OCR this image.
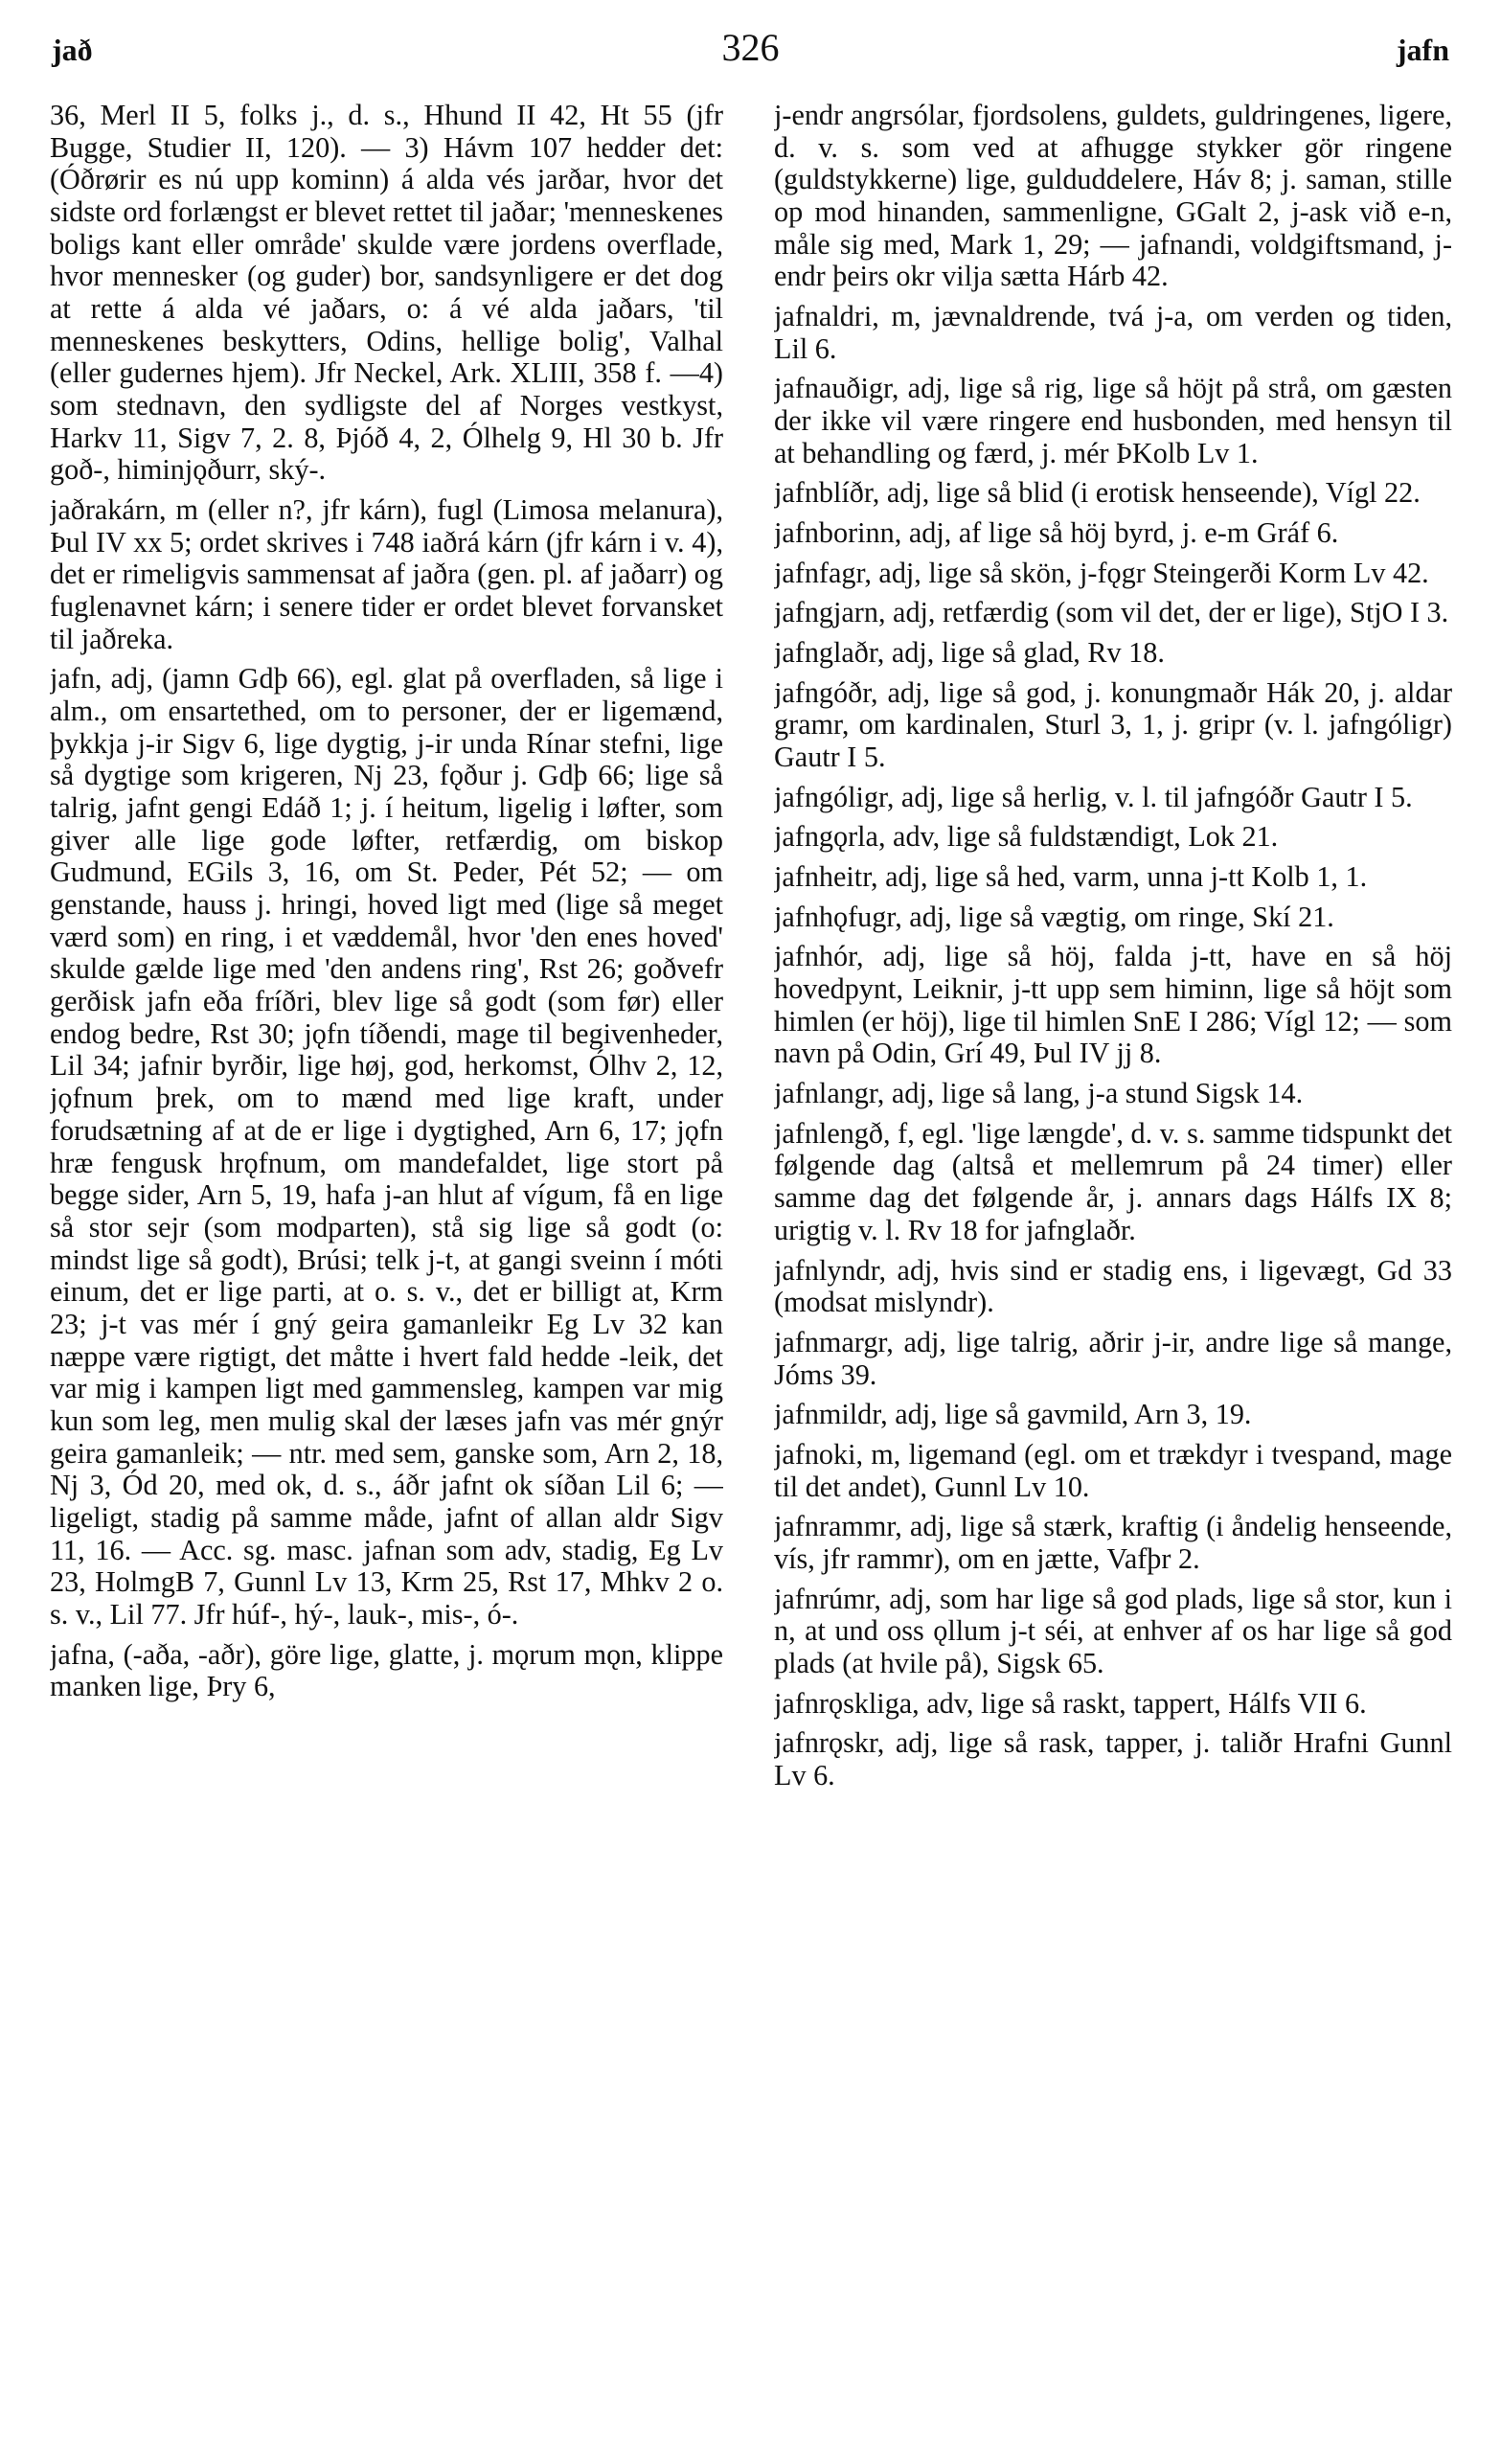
jað	326	jafn

36, Merl II 5, folks j., d. s., Hhund II 42, Ht 55 (jfr Bugge, Studier II, 120). — 3) Hávm 107 hedder det: (Óðrørir es nú upp kominn) á alda vés jarðar, hvor det sidste ord forlængst er blevet rettet til jaðar; 'menneskenes boligs kant eller område' skulde være jordens overflade, hvor mennesker (og guder) bor, sandsynligere er det dog at rette á alda vé jaðars, o: á vé alda jaðars, 'til menneskenes beskytters, Odins, hellige bolig', Valhal (eller gudernes hjem). Jfr Neckel, Ark. XLIII, 358 f. —4) som stednavn, den sydligste del af Norges vestkyst, Harkv 11, Sigv 7, 2. 8, Þjóð 4, 2, Ólhelg 9, Hl 30 b. Jfr goð-, himinjǫðurr, ský-.

jaðrakárn, m (eller n?, jfr kárn), fugl (Limosa melanura), Þul IV xx 5; ordet skrives i 748 iaðrá kárn (jfr kárn i v. 4), det er rimeligvis sammensat af jaðra (gen. pl. af jaðarr) og fuglenavnet kárn; i senere tider er ordet blevet forvansket til jaðreka.

jafn, adj, (jamn Gdþ 66), egl. glat på overfladen, så lige i alm., om ensartethed, om to personer, der er ligemænd, þykkja j-ir Sigv 6, lige dygtig, j-ir unda Rínar stefni, lige så dygtige som krigeren, Nj 23, fǫður j. Gdþ 66; lige så talrig, jafnt gengi Edáð 1; j. í heitum, ligelig i løfter, som giver alle lige gode løfter, retfærdig, om biskop Gudmund, EGils 3, 16, om St. Peder, Pét 52; — om genstande, hauss j. hringi, hoved ligt med (lige så meget værd som) en ring, i et væddemål, hvor 'den enes hoved' skulde gælde lige med 'den andens ring', Rst 26; goðvefr gerðisk jafn eða fríðri, blev lige så godt (som før) eller endog bedre, Rst 30; jǫfn tíðendi, mage til begivenheder, Lil 34; jafnir byrðir, lige høj, god, herkomst, Ólhv 2, 12, jǫfnum þrek, om to mænd med lige kraft, under forudsætning af at de er lige i dygtighed, Arn 6, 17; jǫfn hræ fengusk hrǫfnum, om mandefaldet, lige stort på begge sider, Arn 5, 19, hafa j-an hlut af vígum, få en lige så stor sejr (som modparten), stå sig lige så godt (o: mindst lige så godt), Brúsi; telk j-t, at gangi sveinn í móti einum, det er lige parti, at o. s. v., det er billigt at, Krm 23; j-t vas mér í gný geira gamanleikr Eg Lv 32 kan næppe være rigtigt, det måtte i hvert fald hedde -leik, det var mig i kampen ligt med gammensleg, kampen var mig kun som leg, men mulig skal der læses jafn vas mér gnýr geira gamanleik; — ntr. med sem, ganske som, Arn 2, 18, Nj 3, Ód 20, med ok, d. s., áðr jafnt ok síðan Lil 6; — ligeligt, stadig på samme måde, jafnt of allan aldr Sigv 11, 16. — Acc. sg. masc. jafnan som adv, stadig, Eg Lv 23, HolmgB 7, Gunnl Lv 13, Krm 25, Rst 17, Mhkv 2 o. s. v., Lil 77. Jfr húf-, hý-, lauk-, mis-, ó-.

jafna, (-aða, -aðr), göre lige, glatte, j. mǫrum mǫn, klippe manken lige, Þry 6,

j-endr angrsólar, fjordsolens, guldets, guldringenes, ligere, d. v. s. som ved at afhugge stykker gör ringene (guldstykkerne) lige, gulduddelere, Háv 8; j. saman, stille op mod hinanden, sammenligne, GGalt 2, j-ask við e-n, måle sig med, Mark 1, 29; — jafnandi, voldgiftsmand, j-endr þeirs okr vilja sætta Hárb 42.

jafnaldri, m, jævnaldrende, tvá j-a, om verden og tiden, Lil 6.

jafnauðigr, adj, lige så rig, lige så höjt på strå, om gæsten der ikke vil være ringere end husbonden, med hensyn til at behandling og færd, j. mér ÞKolb Lv 1.

jafnblíðr, adj, lige så blid (i erotisk henseende), Vígl 22.

jafnborinn, adj, af lige så höj byrd, j. e-m Gráf 6.

jafnfagr, adj, lige så skön, j-fǫgr Steingerði Korm Lv 42.

jafngjarn, adj, retfærdig (som vil det, der er lige), StjO I 3.

jafnglaðr, adj, lige så glad, Rv 18.

jafngóðr, adj, lige så god, j. konungmaðr Hák 20, j. aldar gramr, om kardinalen, Sturl 3, 1, j. gripr (v. l. jafngóligr) Gautr I 5.

jafngóligr, adj, lige så herlig, v. l. til jafngóðr Gautr I 5.

jafngǫrla, adv, lige så fuldstændigt, Lok 21.

jafnheitr, adj, lige så hed, varm, unna j-tt Kolb 1, 1.

jafnhǫfugr, adj, lige så vægtig, om ringe, Skí 21.

jafnhór, adj, lige så höj, falda j-tt, have en så höj hovedpynt, Leiknir, j-tt upp sem himinn, lige så höjt som himlen (er höj), lige til himlen SnE I 286; Vígl 12; — som navn på Odin, Grí 49, Þul IV jj 8.

jafnlangr, adj, lige så lang, j-a stund Sigsk 14.

jafnlengð, f, egl. 'lige længde', d. v. s. samme tidspunkt det følgende dag (altså et mellemrum på 24 timer) eller samme dag det følgende år, j. annars dags Hálfs IX 8; urigtig v. l. Rv 18 for jafnglaðr.

jafnlyndr, adj, hvis sind er stadig ens, i ligevægt, Gd 33 (modsat mislyndr).

jafnmargr, adj, lige talrig, aðrir j-ir, andre lige så mange, Jóms 39.

jafnmildr, adj, lige så gavmild, Arn 3, 19.

jafnoki, m, ligemand (egl. om et trækdyr i tvespand, mage til det andet), Gunnl Lv 10.

jafnrammr, adj, lige så stærk, kraftig (i åndelig henseende, vís, jfr rammr), om en jætte, Vafþr 2.

jafnrúmr, adj, som har lige så god plads, lige så stor, kun i n, at und oss ǫllum j-t séi, at enhver af os har lige så god plads (at hvile på), Sigsk 65.

jafnrǫskliga, adv, lige så raskt, tappert, Hálfs VII 6.

jafnrǫskr, adj, lige så rask, tapper, j. taliðr Hrafni Gunnl Lv 6.
